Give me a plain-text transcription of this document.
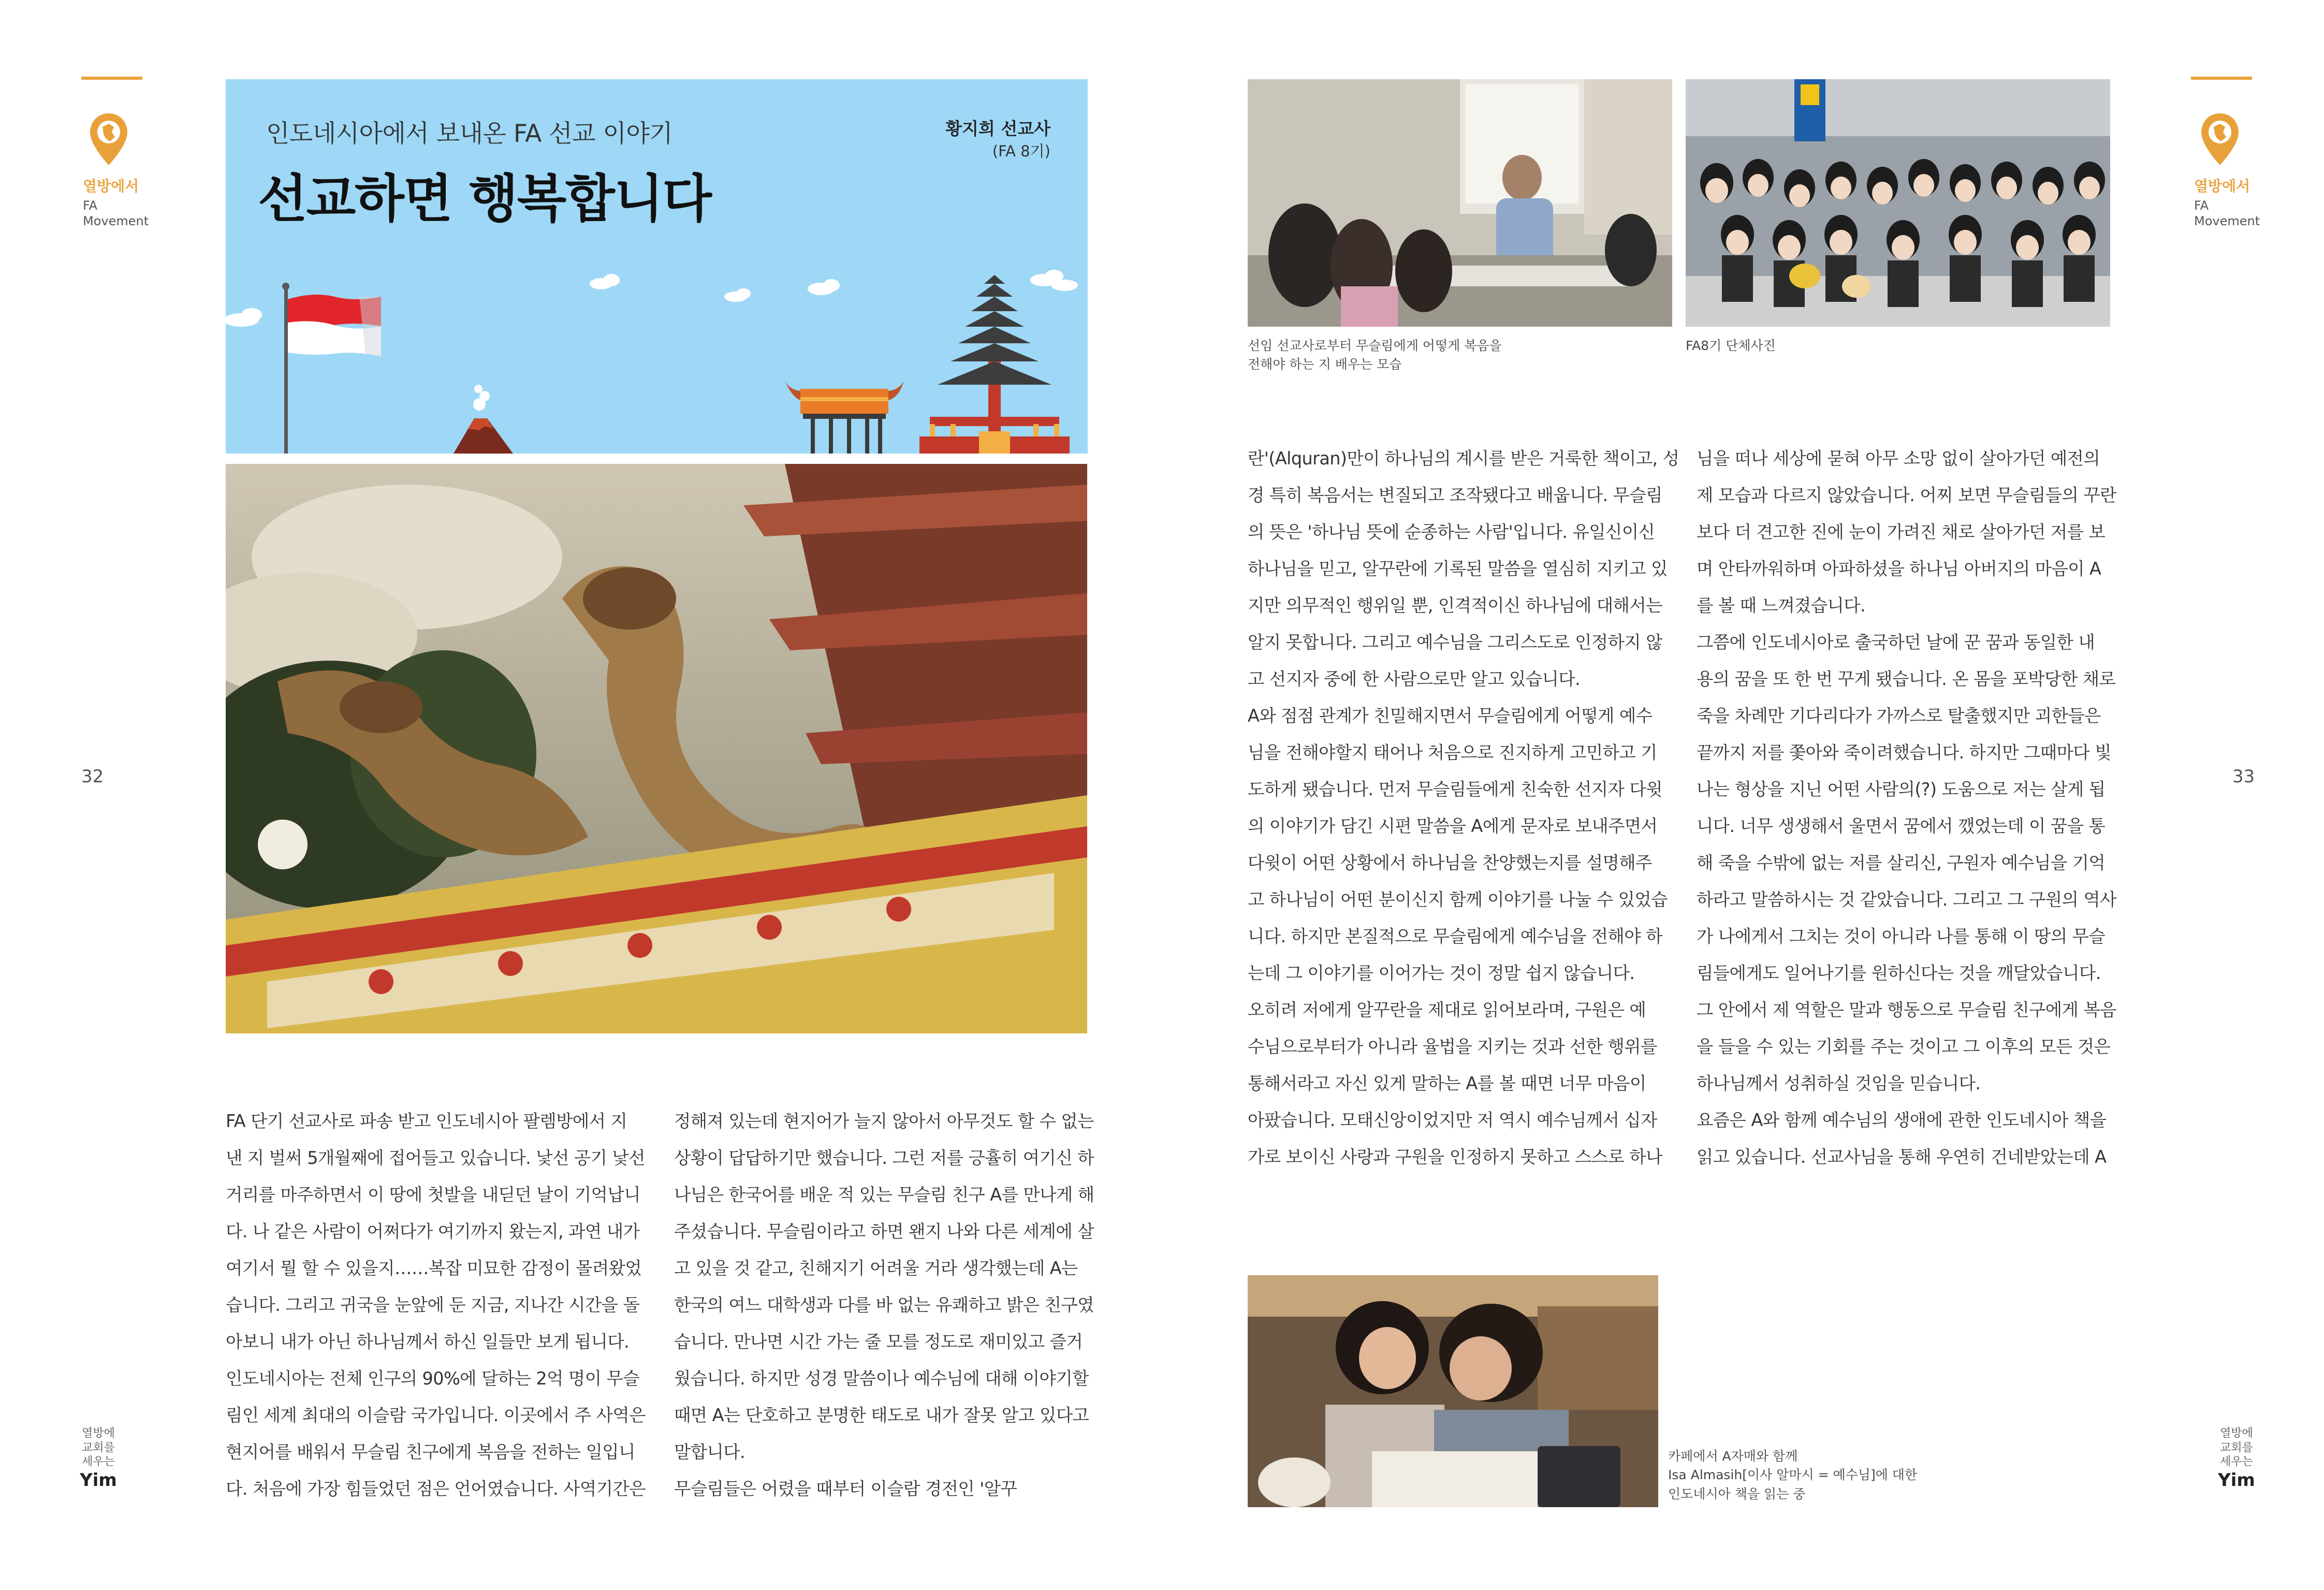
열방에서
FA
Movement
32
열방에
교회를
세우는
Yim
인도네시아에서 보내온 FA 선교 이야기
선교하면 행복합니다
황지희 선교사
(FA 8기)
FA 단기 선교사로 파송 받고 인도네시아 팔렘방에서 지
낸 지 벌써 5개월째에 접어들고 있습니다. 낯선 공기 낯선
거리를 마주하면서 이 땅에 첫발을 내딛던 날이 기억납니
다. 나 같은 사람이 어쩌다가 여기까지 왔는지, 과연 내가
여기서 뭘 할 수 있을지……복잡 미묘한 감정이 몰려왔었
습니다. 그리고 귀국을 눈앞에 둔 지금, 지나간 시간을 돌
아보니 내가 아닌 하나님께서 하신 일들만 보게 됩니다.
인도네시아는 전체 인구의 90%에 달하는 2억 명이 무슬
림인 세계 최대의 이슬람 국가입니다. 이곳에서 주 사역은
현지어를 배워서 무슬림 친구에게 복음을 전하는 일입니
다. 처음에 가장 힘들었던 점은 언어였습니다. 사역기간은
정해져 있는데 현지어가 늘지 않아서 아무것도 할 수 없는
상황이 답답하기만 했습니다. 그런 저를 긍휼히 여기신 하
나님은 한국어를 배운 적 있는 무슬림 친구 A를 만나게 해
주셨습니다. 무슬림이라고 하면 왠지 나와 다른 세계에 살
고 있을 것 같고, 친해지기 어려울 거라 생각했는데 A는
한국의 여느 대학생과 다를 바 없는 유쾌하고 밝은 친구였
습니다. 만나면 시간 가는 줄 모를 정도로 재미있고 즐거
웠습니다. 하지만 성경 말씀이나 예수님에 대해 이야기할
때면 A는 단호하고 분명한 태도로 내가 잘못 알고 있다고
말합니다.
무슬림들은 어렸을 때부터 이슬람 경전인 '알꾸
열방에서
FA
Movement
33
열방에
교회를
세우는
Yim
선임 선교사로부터 무슬림에게 어떻게 복음을
전해야 하는 지 배우는 모습
FA8기 단체사진
란'(Alquran)만이 하나님의 계시를 받은 거룩한 책이고, 성
경 특히 복음서는 변질되고 조작됐다고 배웁니다. 무슬림
의 뜻은 '하나님 뜻에 순종하는 사람'입니다. 유일신이신
하나님을 믿고, 알꾸란에 기록된 말씀을 열심히 지키고 있
지만 의무적인 행위일 뿐, 인격적이신 하나님에 대해서는
알지 못합니다. 그리고 예수님을 그리스도로 인정하지 않
고 선지자 중에 한 사람으로만 알고 있습니다.
A와 점점 관계가 친밀해지면서 무슬림에게 어떻게 예수
님을 전해야할지 태어나 처음으로 진지하게 고민하고 기
도하게 됐습니다. 먼저 무슬림들에게 친숙한 선지자 다윗
의 이야기가 담긴 시편 말씀을 A에게 문자로 보내주면서
다윗이 어떤 상황에서 하나님을 찬양했는지를 설명해주
고 하나님이 어떤 분이신지 함께 이야기를 나눌 수 있었습
니다. 하지만 본질적으로 무슬림에게 예수님을 전해야 하
는데 그 이야기를 이어가는 것이 정말 쉽지 않습니다.
오히려 저에게 알꾸란을 제대로 읽어보라며, 구원은 예
수님으로부터가 아니라 율법을 지키는 것과 선한 행위를
통해서라고 자신 있게 말하는 A를 볼 때면 너무 마음이
아팠습니다. 모태신앙이었지만 저 역시 예수님께서 십자
가로 보이신 사랑과 구원을 인정하지 못하고 스스로 하나
님을 떠나 세상에 묻혀 아무 소망 없이 살아가던 예전의
제 모습과 다르지 않았습니다. 어찌 보면 무슬림들의 꾸란
보다 더 견고한 진에 눈이 가려진 채로 살아가던 저를 보
며 안타까워하며 아파하셨을 하나님 아버지의 마음이 A
를 볼 때 느껴졌습니다.
그쯤에 인도네시아로 출국하던 날에 꾼 꿈과 동일한 내
용의 꿈을 또 한 번 꾸게 됐습니다. 온 몸을 포박당한 채로
죽을 차례만 기다리다가 가까스로 탈출했지만 괴한들은
끝까지 저를 쫓아와 죽이려했습니다. 하지만 그때마다 빛
나는 형상을 지닌 어떤 사람의(?) 도움으로 저는 살게 됩
니다. 너무 생생해서 울면서 꿈에서 깼었는데 이 꿈을 통
해 죽을 수밖에 없는 저를 살리신, 구원자 예수님을 기억
하라고 말씀하시는 것 같았습니다. 그리고 그 구원의 역사
가 나에게서 그치는 것이 아니라 나를 통해 이 땅의 무슬
림들에게도 일어나기를 원하신다는 것을 깨달았습니다.
그 안에서 제 역할은 말과 행동으로 무슬림 친구에게 복음
을 들을 수 있는 기회를 주는 것이고 그 이후의 모든 것은
하나님께서 성취하실 것임을 믿습니다.
요즘은 A와 함께 예수님의 생애에 관한 인도네시아 책을
읽고 있습니다. 선교사님을 통해 우연히 건네받았는데 A
카페에서 A자매와 함께
Isa Almasih[이사 알마시 = 예수님]에 대한
인도네시아 책을 읽는 중
